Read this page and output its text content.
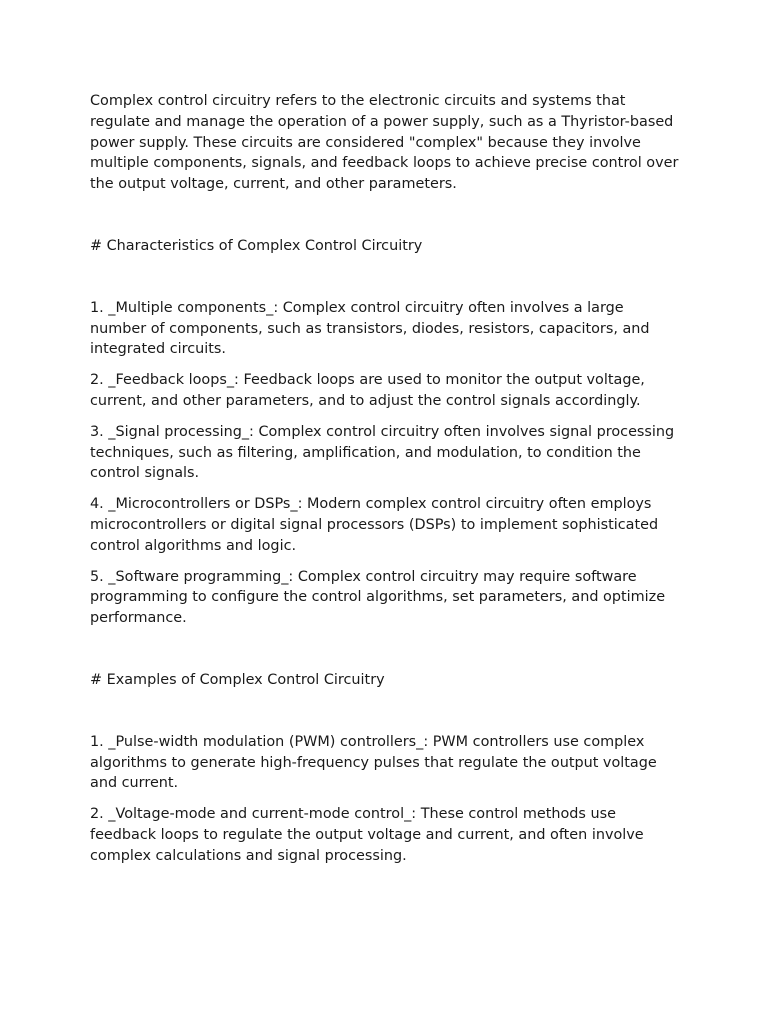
Complex control circuitry refers to the electronic circuits and systems that regulate and manage the operation of a power supply, such as a Thyristor-based power supply. These circuits are considered "complex" because they involve multiple components, signals, and feedback loops to achieve precise control over the output voltage, current, and other parameters.

# Characteristics of Complex Control Circuitry

1. _Multiple components_: Complex control circuitry often involves a large number of components, such as transistors, diodes, resistors, capacitors, and integrated circuits.
2. _Feedback loops_: Feedback loops are used to monitor the output voltage, current, and other parameters, and to adjust the control signals accordingly.
3. _Signal processing_: Complex control circuitry often involves signal processing techniques, such as filtering, amplification, and modulation, to condition the control signals.
4. _Microcontrollers or DSPs_: Modern complex control circuitry often employs microcontrollers or digital signal processors (DSPs) to implement sophisticated control algorithms and logic.
5. _Software programming_: Complex control circuitry may require software programming to configure the control algorithms, set parameters, and optimize performance.

# Examples of Complex Control Circuitry

1. _Pulse-width modulation (PWM) controllers_: PWM controllers use complex algorithms to generate high-frequency pulses that regulate the output voltage and current.
2. _Voltage-mode and current-mode control_: These control methods use feedback loops to regulate the output voltage and current, and often involve complex calculations and signal processing.
